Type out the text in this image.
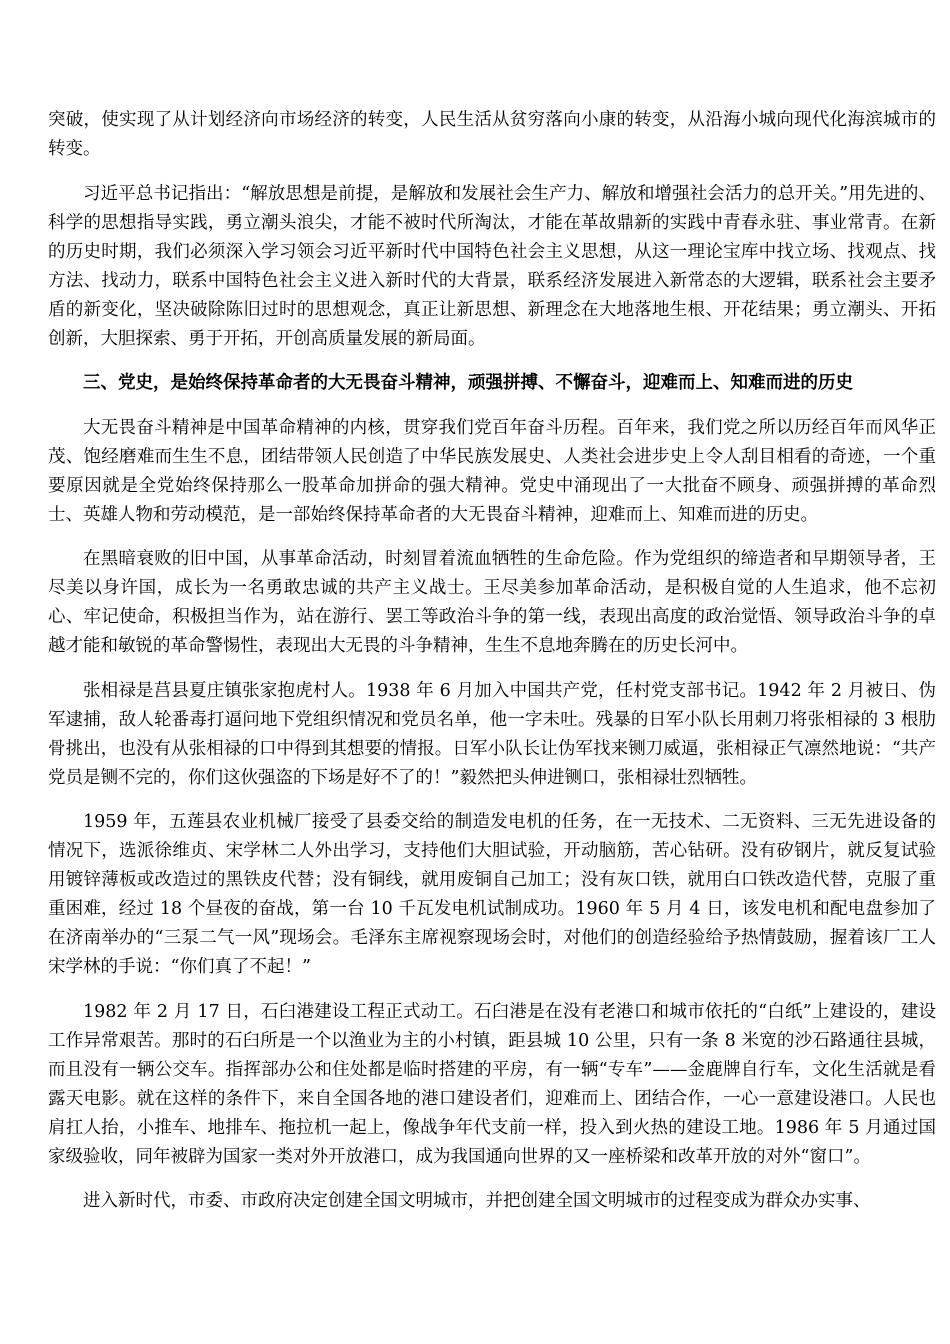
突破，使实现了从计划经济向市场经济的转变，人民生活从贫穷落向小康的转变，从沿海小城向现代化海滨城市的转变。

习近平总书记指出：“解放思想是前提，是解放和发展社会生产力、解放和增强社会活力的总开关。”用先进的、科学的思想指导实践，勇立潮头浪尖，才能不被时代所淘汰，才能在革故鼎新的实践中青春永驻、事业常青。在新的历史时期，我们必须深入学习领会习近平新时代中国特色社会主义思想，从这一理论宝库中找立场、找观点、找方法、找动力，联系中国特色社会主义进入新时代的大背景，联系经济发展进入新常态的大逻辑，联系社会主要矛盾的新变化，坚决破除陈旧过时的思想观念，真正让新思想、新理念在大地落地生根、开花结果；勇立潮头、开拓创新，大胆探索、勇于开拓，开创高质量发展的新局面。

三、党史，是始终保持革命者的大无畏奋斗精神，顽强拼搏、不懈奋斗，迎难而上、知难而进的历史

大无畏奋斗精神是中国革命精神的内核，贯穿我们党百年奋斗历程。百年来，我们党之所以历经百年而风华正茂、饱经磨难而生生不息，团结带领人民创造了中华民族发展史、人类社会进步史上令人刮目相看的奇迹，一个重要原因就是全党始终保持那么一股革命加拼命的强大精神。党史中涌现出了一大批奋不顾身、顽强拼搏的革命烈士、英雄人物和劳动模范，是一部始终保持革命者的大无畏奋斗精神，迎难而上、知难而进的历史。

在黑暗衰败的旧中国，从事革命活动，时刻冒着流血牺牲的生命危险。作为党组织的缔造者和早期领导者，王尽美以身许国，成长为一名勇敢忠诚的共产主义战士。王尽美参加革命活动，是积极自觉的人生追求，他不忘初心、牢记使命，积极担当作为，站在游行、罢工等政治斗争的第一线，表现出高度的政治觉悟、领导政治斗争的卓越才能和敏锐的革命警惕性，表现出大无畏的斗争精神，生生不息地奔腾在的历史长河中。

张相禄是莒县夏庄镇张家抱虎村人。1938 年 6 月加入中国共产党，任村党支部书记。1942 年 2 月被日、伪军逮捕，敌人轮番毒打逼问地下党组织情况和党员名单，他一字未吐。残暴的日军小队长用刺刀将张相禄的 3 根肋骨挑出，也没有从张相禄的口中得到其想要的情报。日军小队长让伪军找来铡刀威逼，张相禄正气凛然地说：“共产党员是铡不完的，你们这伙强盗的下场是好不了的！”毅然把头伸进铡口，张相禄壮烈牺牲。

1959 年，五莲县农业机械厂接受了县委交给的制造发电机的任务，在一无技术、二无资料、三无先进设备的情况下，选派徐维贞、宋学林二人外出学习，支持他们大胆试验，开动脑筋，苦心钻研。没有矽钢片，就反复试验用镀锌薄板或改造过的黑铁皮代替；没有铜线，就用废铜自己加工；没有灰口铁，就用白口铁改造代替，克服了重重困难，经过 18 个昼夜的奋战，第一台 10 千瓦发电机试制成功。1960 年 5 月 4 日，该发电机和配电盘参加了在济南举办的“三泵二气一风”现场会。毛泽东主席视察现场会时，对他们的创造经验给予热情鼓励，握着该厂工人宋学林的手说：“你们真了不起！”

1982 年 2 月 17 日，石臼港建设工程正式动工。石臼港是在没有老港口和城市依托的“白纸”上建设的，建设工作异常艰苦。那时的石臼所是一个以渔业为主的小村镇，距县城 10 公里，只有一条 8 米宽的沙石路通往县城，而且没有一辆公交车。指挥部办公和住处都是临时搭建的平房，有一辆“专车”——金鹿牌自行车，文化生活就是看露天电影。就在这样的条件下，来自全国各地的港口建设者们，迎难而上、团结合作，一心一意建设港口。人民也肩扛人抬，小推车、地排车、拖拉机一起上，像战争年代支前一样，投入到火热的建设工地。1986 年 5 月通过国家级验收，同年被辟为国家一类对外开放港口，成为我国通向世界的又一座桥梁和改革开放的对外“窗口”。

进入新时代，市委、市政府决定创建全国文明城市，并把创建全国文明城市的过程变成为群众办实事、
